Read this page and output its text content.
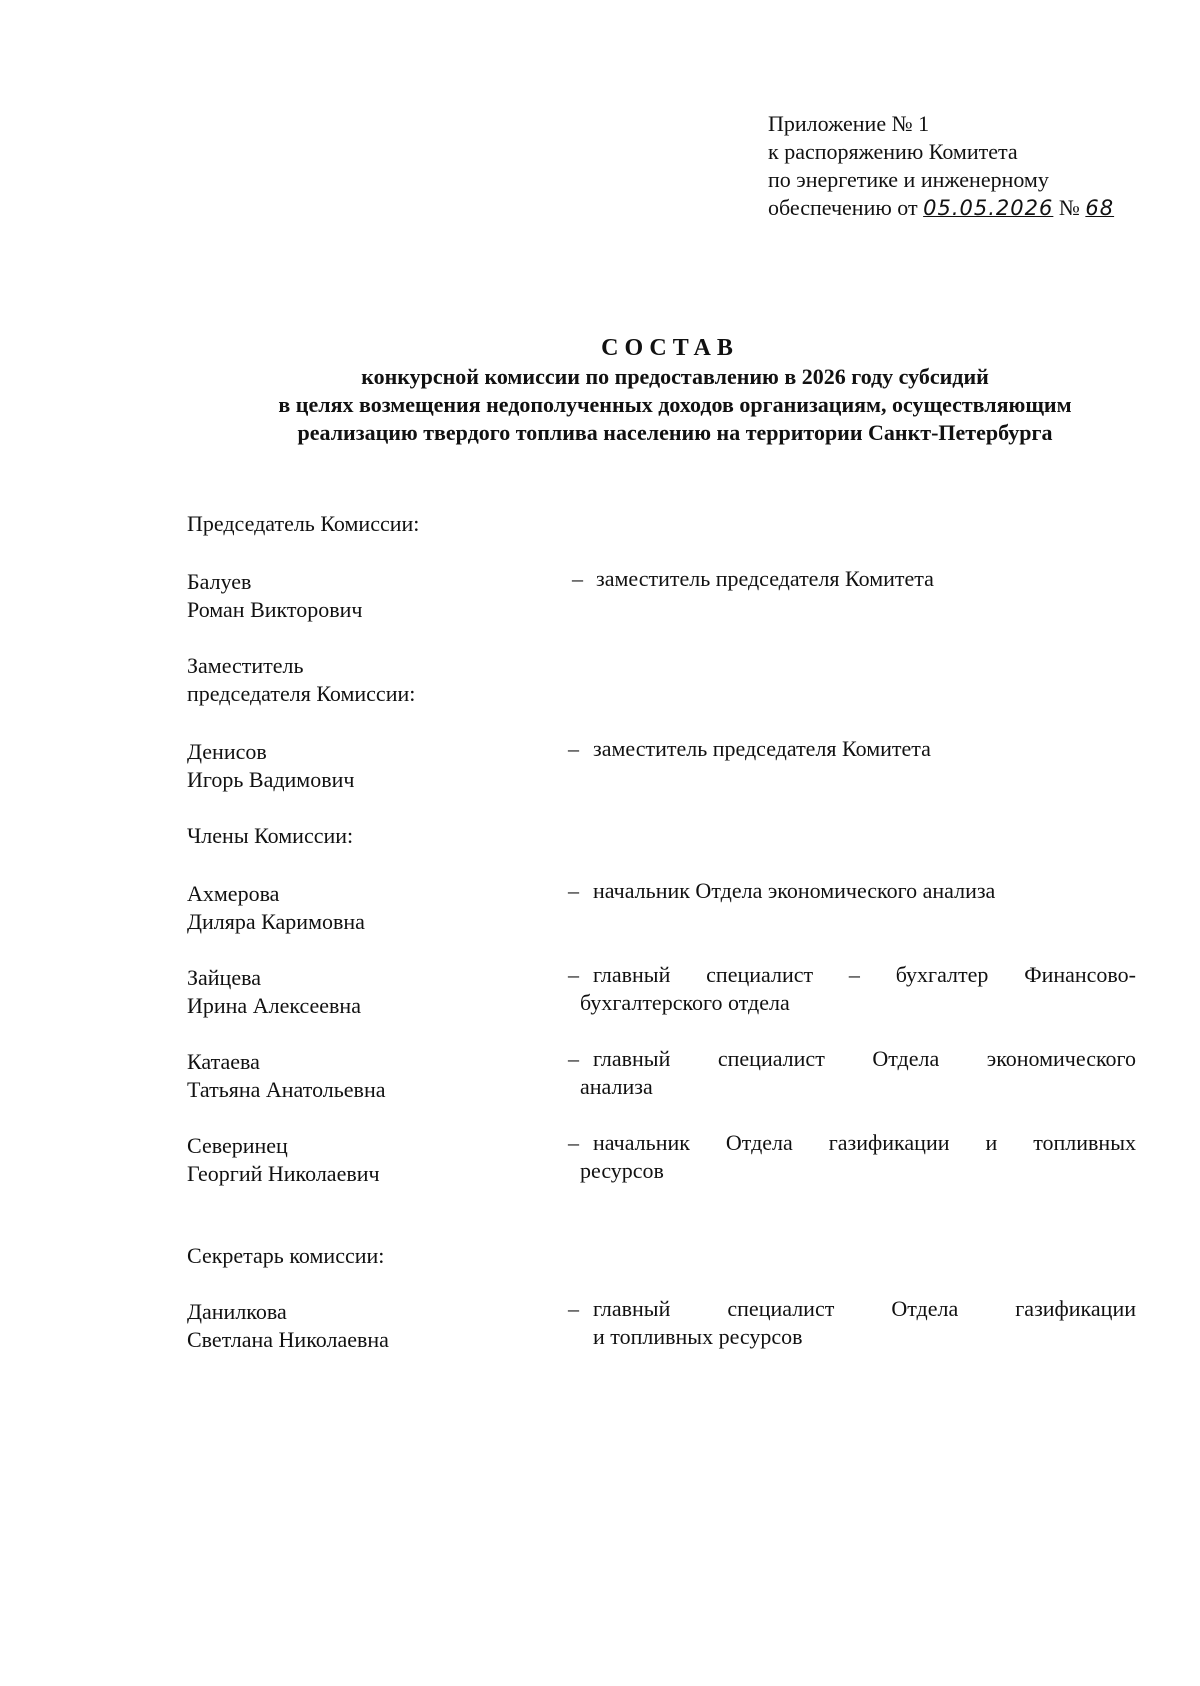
Приложение № 1
к распоряжению Комитета
по энергетике и инженерному
обеспечению от 05.05.2026 № 68
СОСТАВ
конкурсной комиссии по предоставлению в 2026 году субсидий
в целях возмещения недополученных доходов организациям, осуществляющим
реализацию твердого топлива населению на территории Санкт-Петербурга
Председатель Комиссии:
Балуев
Роман Викторович
– заместитель председателя Комитета
Заместитель
председателя Комиссии:
Денисов
Игорь Вадимович
– заместитель председателя Комитета
Члены Комиссии:
Ахмерова
Диляра Каримовна
– начальник Отдела экономического анализа
Зайцева
Ирина Алексеевна
– главный специалист – бухгалтер Финансово-
бухгалтерского отдела
Катаева
Татьяна Анатольевна
– главный специалист Отдела экономического
анализа
Северинец
Георгий Николаевич
– начальник Отдела газификации и топливных
ресурсов
Секретарь комиссии:
Данилкова
Светлана Николаевна
– главный специалист Отдела газификации
и топливных ресурсов
